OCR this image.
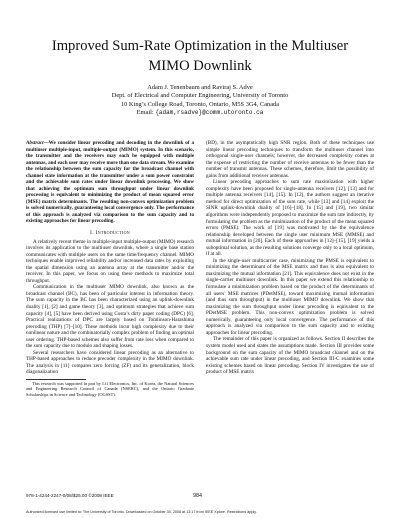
Improved Sum-Rate Optimization in the Multiuser
MIMO Downlink
Adam J. Tenenbaum and Raviraj S. Adve
Dept. of Electrical and Computer Engineering, University of Toronto
10 King’s College Road, Toronto, Ontario, M5S 3G4, Canada
Email: {adam,rsadve}@comm.utoronto.ca

Abstract—We consider linear precoding and decoding in the downlink of a multiuser multiple-input, multiple-output (MIMO) system. In this scenario, the transmitter and the receivers may each be equipped with multiple antennas, and each user may receive more than one data stream. We examine the relationship between the sum capacity for the broadcast channel with channel state information at the transmitter under a sum power constraint and the achievable sum rates under linear downlink processing. We show that achieving the optimum sum throughput under linear downlink processing is equivalent to minimizing the product of mean squared error (MSE) matrix determinants. The resulting non-convex optimization problem is solved numerically, guaranteeing local convergence only. The performance of this approach is analyzed via comparison to the sum capacity and to existing approaches for linear precoding.

I. Introduction

A relatively recent theme in multiple-input multiple-output (MIMO) research involves its application to the multiuser downlink, where a single base station communicates with multiple users on the same time/frequency channel. MIMO techniques enable improved reliability and/or increased data rates by exploiting the spatial dimension using an antenna array at the transmitter and/or the receiver. In this paper, we focus on using these methods to maximize total throughput.

Communication in the multiuser MIMO downlink, also known as the broadcast channel (BC), has been of particular interest in information theory. The sum capacity in the BC has been characterized using an uplink-downlink duality [1], [2] and game theory [3], and optimum strategies that achieve sum capacity [4], [5] have been derived using Costa’s dirty paper coding (DPC) [6]. Practical realizations of DPC are largely based on Tomlinson-Harashima precoding (THP) [7]–[10]. These methods incur high complexity due to their nonlinear nature and the combinatorially complex problem of finding an optimal user ordering. THP-based schemes also suffer from rate loss when compared to the sum capacity due to modulo and shaping losses.

Several researchers have considered linear precoding as an alternative to THP-based approaches to reduce precoder complexity in the MIMO downlink. The analysis in [11] compares zero forcing (ZF) and its generalization, block diagonalization

This research was supported in part by LG Electronics, Inc. of Korea, the Natural Sciences and Engineering Research Council of Canada (NSERC), and the Ontario Graduate Scholarships in Science and Technology (OGSST).

(BD), in the asymptotically high SNR region. Both of these techniques use simple linear precoding techniques to transform the multiuser channel into orthogonal single-user channels; however, the decreased complexity comes at the expense of restricting the number of receive antennas to be fewer than the number of transmit antennas. These schemes, therefore, limit the possibility of gains from additional receiver antennas.

Linear precoding approaches to sum rate maximization with higher complexity have been proposed for single-antenna receivers [12], [13] and for multiple antenna receivers [14], [15]. In [12], the authors suggest an iterative method for direct optimization of the sum rate, while [13] and [14] exploit the SINR uplink-downlink duality of [16]–[18]. In [15] and [19], two similar algorithms were independently proposed to maximize the sum rate indirectly, by formulating the problem as the minimization of the product of the mean squared errors (PMSE). The work of [19] was motivated by the the equivalence relationship developed between the single user minimum MSE (MMSE) and mutual information in [20]. Each of these approaches in [12]–[15], [19] yields a suboptimal solution, as the resulting solutions converge only to a local optimum, if at all.

In the single-user multicarrier case, minimizing the PMSE is equivalent to minimizing the determinant of the MSE matrix and thus is also equivalent to maximizing the mutual information [21]. This equivalence does not exist in the single-carrier multiuser downlink. In this paper we extend this relationship to formulate a minimization problem based on the product of the determinants of all users’ MSE matrices (PDetMSE), toward maximizing mutual information (and thus sum throughput) in the multiuser MIMO downlink. We show that maximizing the sum throughput under linear precoding is equivalent to the PDetMSE problem. This non-convex optimization problem is solved numerically, guaranteeing only local convergence. The performance of this approach is analyzed via comparison to the sum capacity and to existing approaches for linear precoding.

The remainder of this paper is organized as follows. Section II describes the system model used and states the assumptions made. Section III provides some background on the sum capacity of the MIMO broadcast channel and on the achievable sum rate under linear precoding, and Section III-C examines some existing schemes based on linear precoding. Section IV investigates the use of product of MSE matrix

978-1-4244-2247-0/08/$25.00 ©2008 IEEE	984
Authorized licensed use limited to: The University of Toronto. Downloaded on October 30, 2008 at 13:17 from IEEE Xplore. Restrictions apply.
